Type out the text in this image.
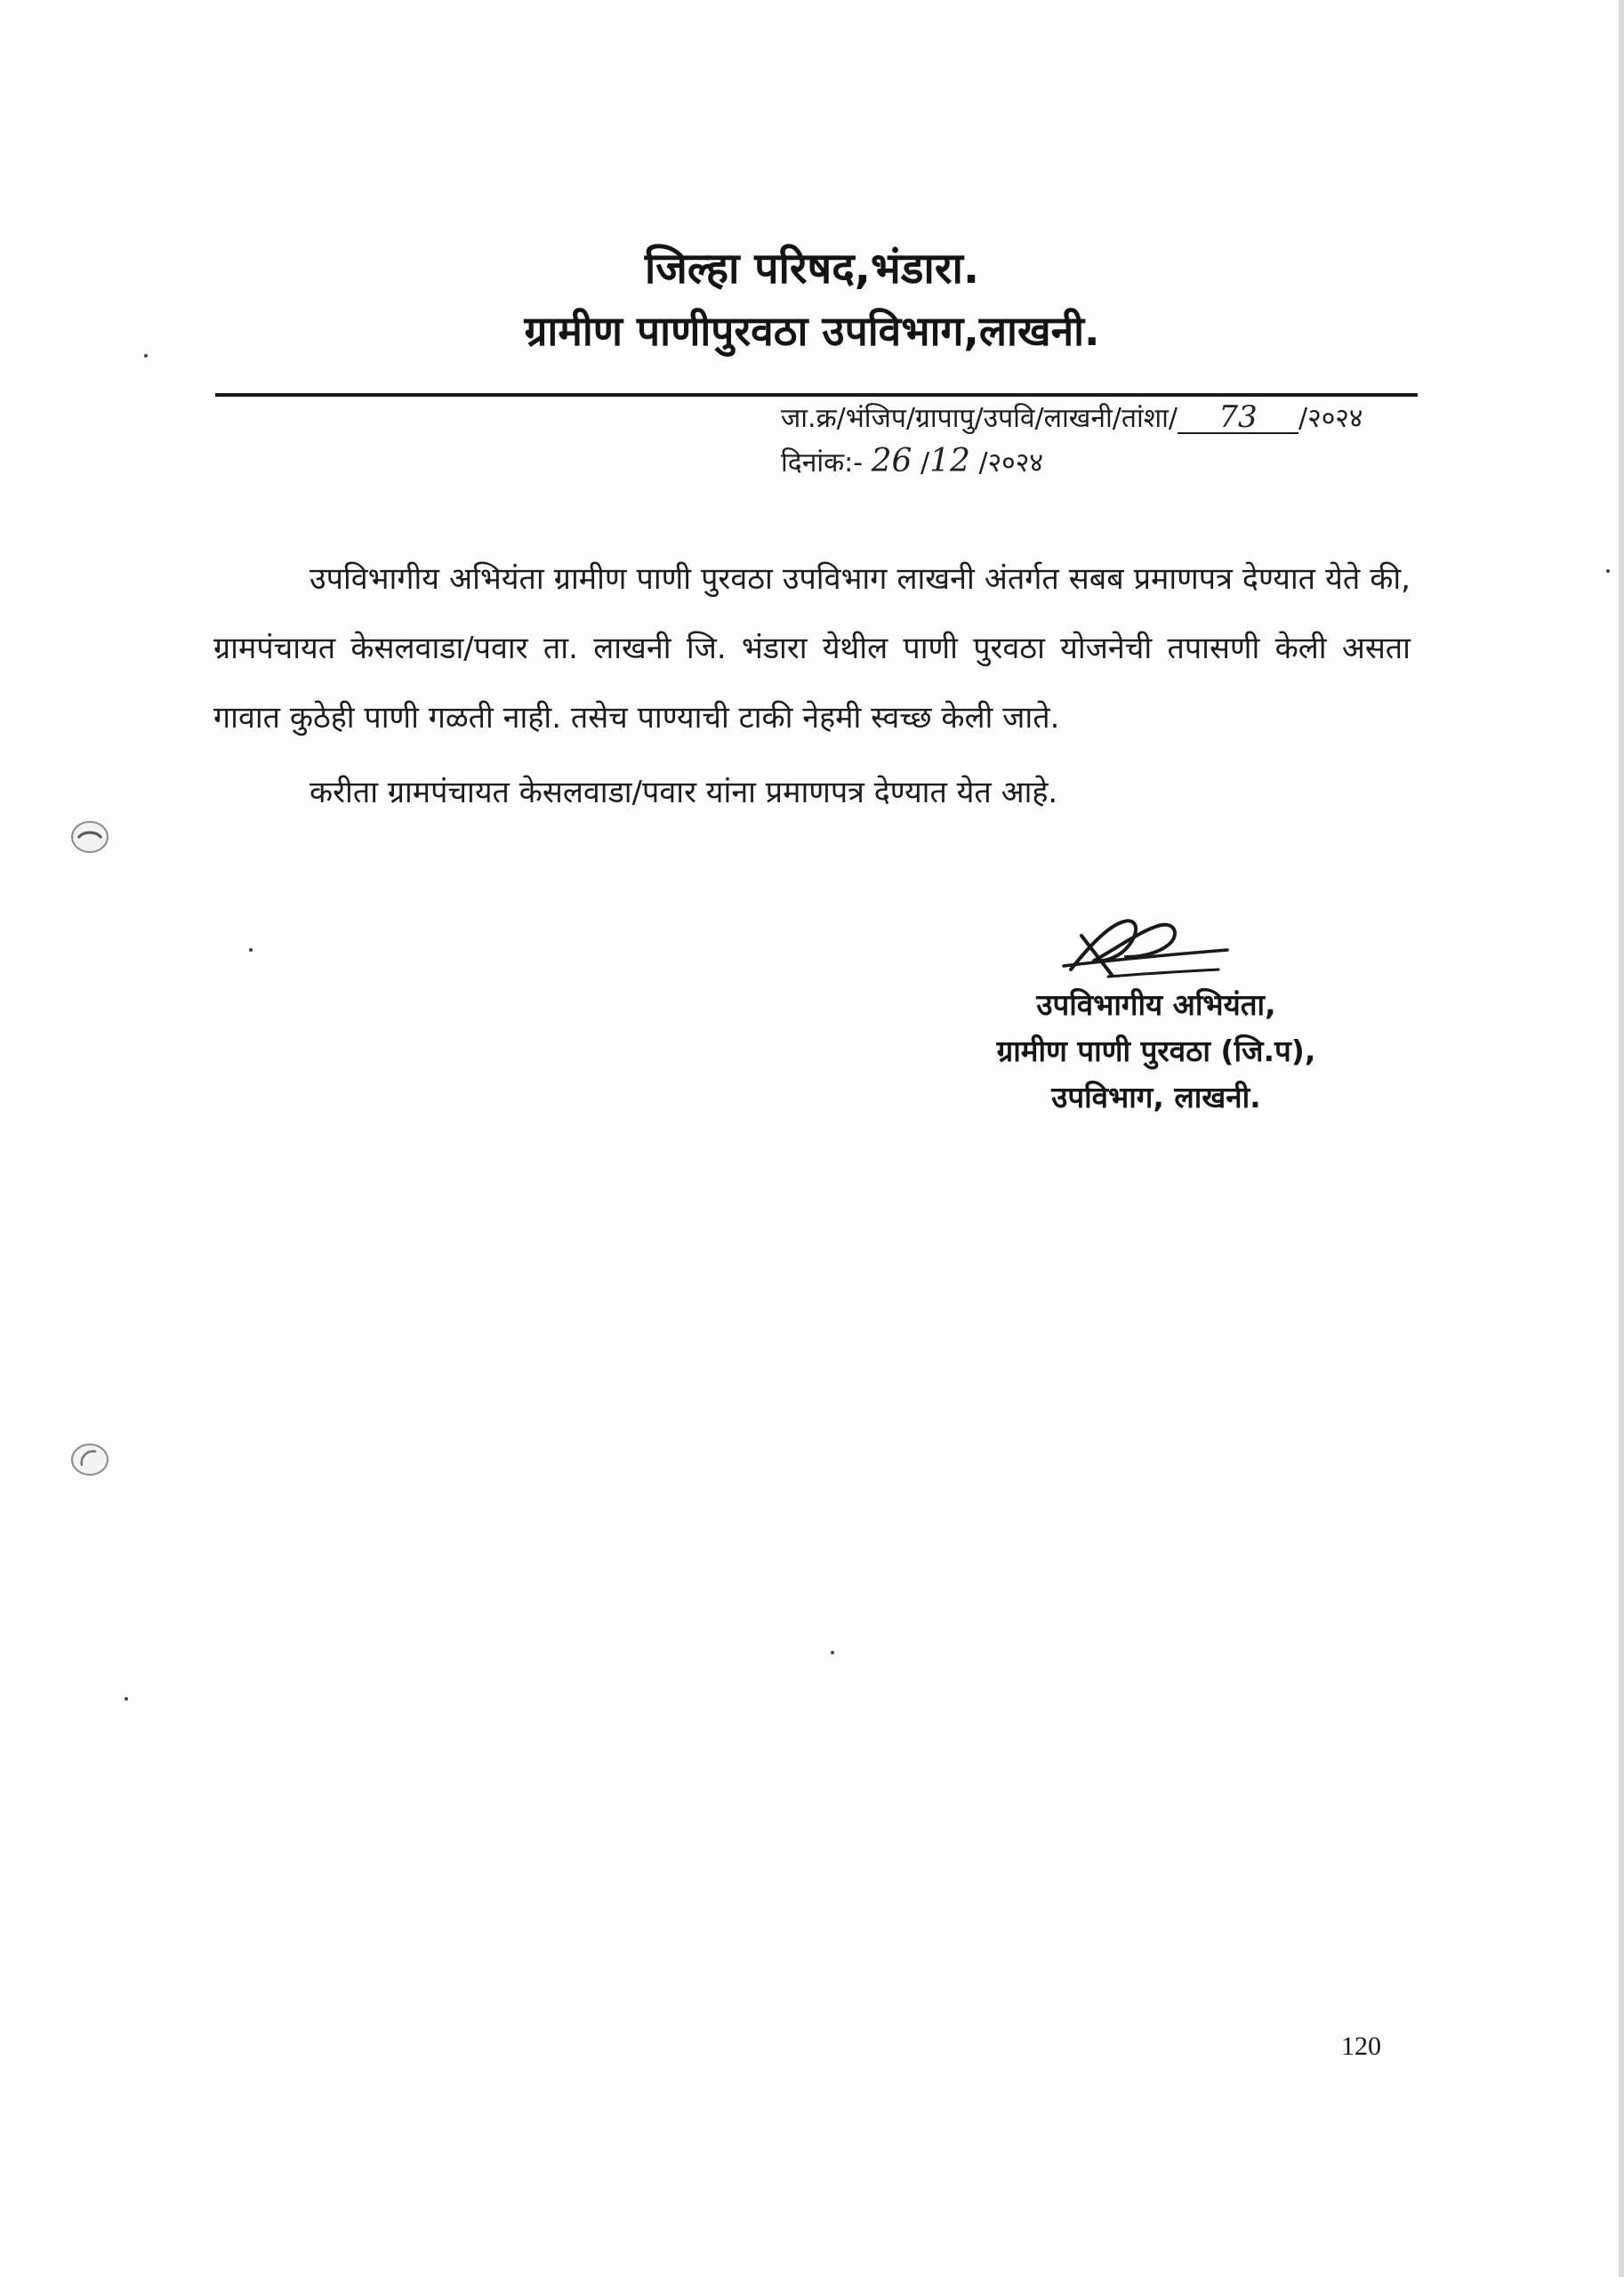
जिल्हा परिषद,भंडारा.
ग्रामीण पाणीपुरवठा उपविभाग,लाखनी.
जा.क्र/भंजिप/ग्रापापु/उपवि/लाखनी/तांशा/ 73 /२०२४
दिनांक:- 26 /12 /२०२४

उपविभागीय अभियंता ग्रामीण पाणी पुरवठा उपविभाग लाखनी अंतर्गत सबब प्रमाणपत्र देण्यात येते की, ग्रामपंचायत केसलवाडा/पवार ता. लाखनी जि. भंडारा येथील पाणी पुरवठा योजनेची तपासणी केली असता गावात कुठेही पाणी गळती नाही. तसेच पाण्याची टाकी नेहमी स्वच्छ केली जाते.

करीता ग्रामपंचायत केसलवाडा/पवार यांना प्रमाणपत्र देण्यात येत आहे.

उपविभागीय अभियंता,
ग्रामीण पाणी पुरवठा (जि.प),
उपविभाग, लाखनी.
120
